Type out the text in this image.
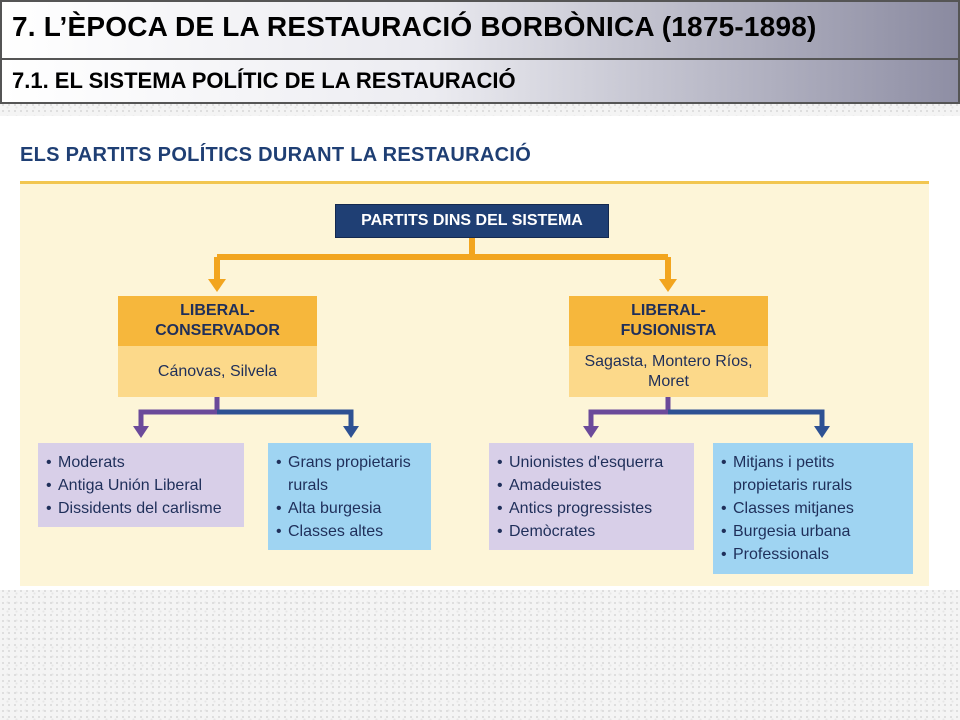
7. L’ÈPOCA DE LA RESTAURACIÓ BORBÒNICA (1875-1898)
7.1. EL SISTEMA POLÍTIC DE LA RESTAURACIÓ
ELS PARTITS POLÍTICS DURANT LA RESTAURACIÓ
PARTITS DINS DEL SISTEMA
LIBERAL-
CONSERVADOR
Cánovas, Silvela
LIBERAL-
FUSIONISTA
Sagasta, Montero Ríos,
Moret
• Moderats
• Antiga Unión Liberal
• Dissidents del carlisme
• Grans propietaris
rurals
• Alta burgesia
• Classes altes
• Unionistes d'esquerra
• Amadeuistes
• Antics progressistes
• Demòcrates
• Mitjans i petits
propietaris rurals
• Classes mitjanes
• Burgesia urbana
• Professionals
